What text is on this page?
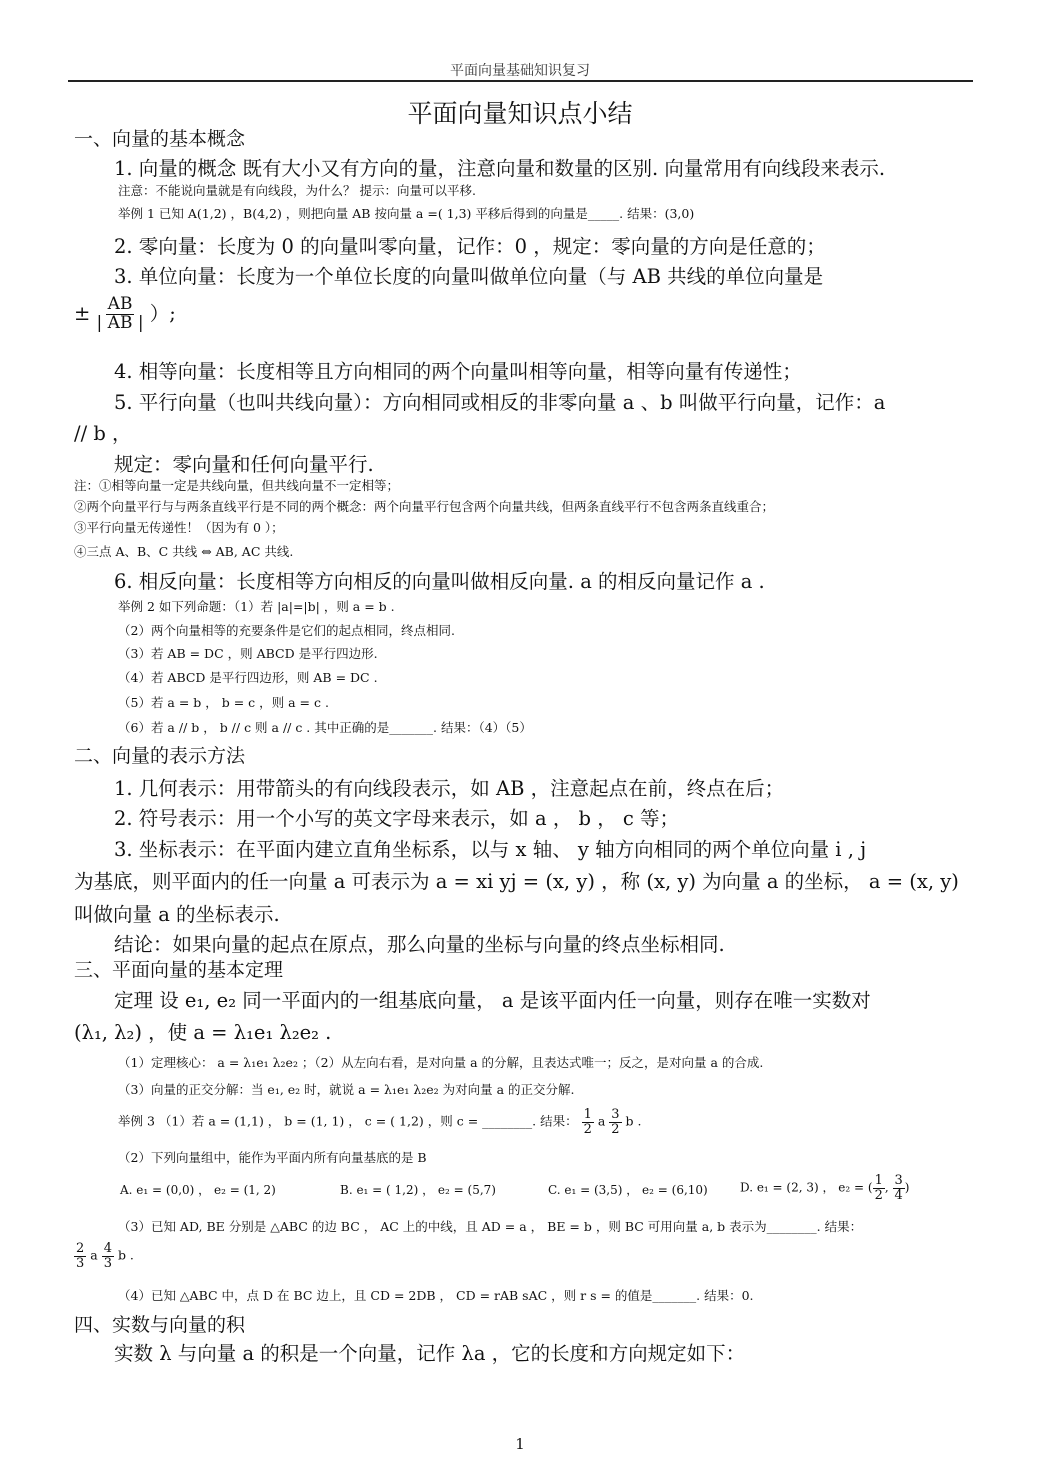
平面向量基础知识复习
平面向量知识点小结
一、向量的基本概念
1. 向量的概念 既有大小又有方向的量，注意向量和数量的区别. 向量常用有向线段来表示.
注意：不能说向量就是有向线段，为什么？ 提示：向量可以平移.
举例 1 已知 A(1,2) ，B(4,2) ，则把向量 AB 按向量 a =( 1,3) 平移后得到的向量是_____. 结果：(3,0)
2. 零向量：长度为 0 的向量叫零向量，记作：0 ，规定：零向量的方向是任意的；
3. 单位向量：长度为一个单位长度的向量叫做单位向量（与 AB 共线的单位向量是
± $\frac{AB}{| AB |}$ ）;
4. 相等向量：长度相等且方向相同的两个向量叫相等向量，相等向量有传递性；
5. 平行向量（也叫共线向量）：方向相同或相反的非零向量 a 、b 叫做平行向量，记作：a
// b ，
规定：零向量和任何向量平行.
注：①相等向量一定是共线向量，但共线向量不一定相等；
②两个向量平行与与两条直线平行是不同的两个概念：两个向量平行包含两个向量共线，但两条直线平行不包含两条直线重合；
③平行向量无传递性！（因为有 0 ）；
④三点 A、B、C 共线 ⇔ AB, AC 共线.
6. 相反向量：长度相等方向相反的向量叫做相反向量. a 的相反向量记作 a .
举例 2 如下列命题：（1）若 |a|=|b| ，则 a = b .
（2）两个向量相等的充要条件是它们的起点相同，终点相同.
（3）若 AB = DC ，则 ABCD 是平行四边形.
（4）若 ABCD 是平行四边形，则 AB = DC .
（5）若 a = b ， b = c ，则 a = c .
（6）若 a // b ， b // c 则 a // c . 其中正确的是_______. 结果：（4）（5）
二、向量的表示方法
1. 几何表示：用带箭头的有向线段表示，如 AB ，注意起点在前，终点在后；
2. 符号表示：用一个小写的英文字母来表示，如 a ， b ， c 等；
3. 坐标表示：在平面内建立直角坐标系，以与 x 轴、 y 轴方向相同的两个单位向量 i , j
为基底，则平面内的任一向量 a 可表示为 a = xi yj = (x, y) ，称 (x, y) 为向量 a 的坐标， a = (x, y)
叫做向量 a 的坐标表示.
结论：如果向量的起点在原点，那么向量的坐标与向量的终点坐标相同.
三、平面向量的基本定理
定理 设 e₁, e₂ 同一平面内的一组基底向量， a 是该平面内任一向量，则存在唯一实数对
(λ₁, λ₂) ，使 a = λ₁e₁ λ₂e₂ .
（1）定理核心： a = λ₁e₁ λ₂e₂ ；（2）从左向右看，是对向量 a 的分解，且表达式唯一；反之，是对向量 a 的合成.
（3）向量的正交分解：当 e₁, e₂ 时，就说 a = λ₁e₁ λ₂e₂ 为对向量 a 的正交分解.
举例 3 （1）若 a = (1,1) ， b = (1, 1) ， c = ( 1,2) ，则 c = ________. 结果： $\frac{1}{2}$ a $\frac{3}{2}$ b .
（2）下列向量组中，能作为平面内所有向量基底的是 B
A. e₁ = (0,0) ， e₂ = (1, 2)	B. e₁ = ( 1,2) ， e₂ = (5,7)	C. e₁ = (3,5) ， e₂ = (6,10)	D. e₁ = (2, 3) ， e₂ = ( $\frac{1}{2}$ , $\frac{3}{4}$ )
（3）已知 AD, BE 分别是 △ABC 的边 BC ， AC 上的中线，且 AD = a ， BE = b ，则 BC 可用向量 a, b 表示为________. 结果：
$\frac{2}{3}$ a $\frac{4}{3}$ b .
（4）已知 △ABC 中，点 D 在 BC 边上，且 CD = 2DB ， CD = rAB sAC ，则 r s = 的值是_______. 结果：0.
四、实数与向量的积
实数 λ 与向量 a 的积是一个向量，记作 λa ，它的长度和方向规定如下：
1
